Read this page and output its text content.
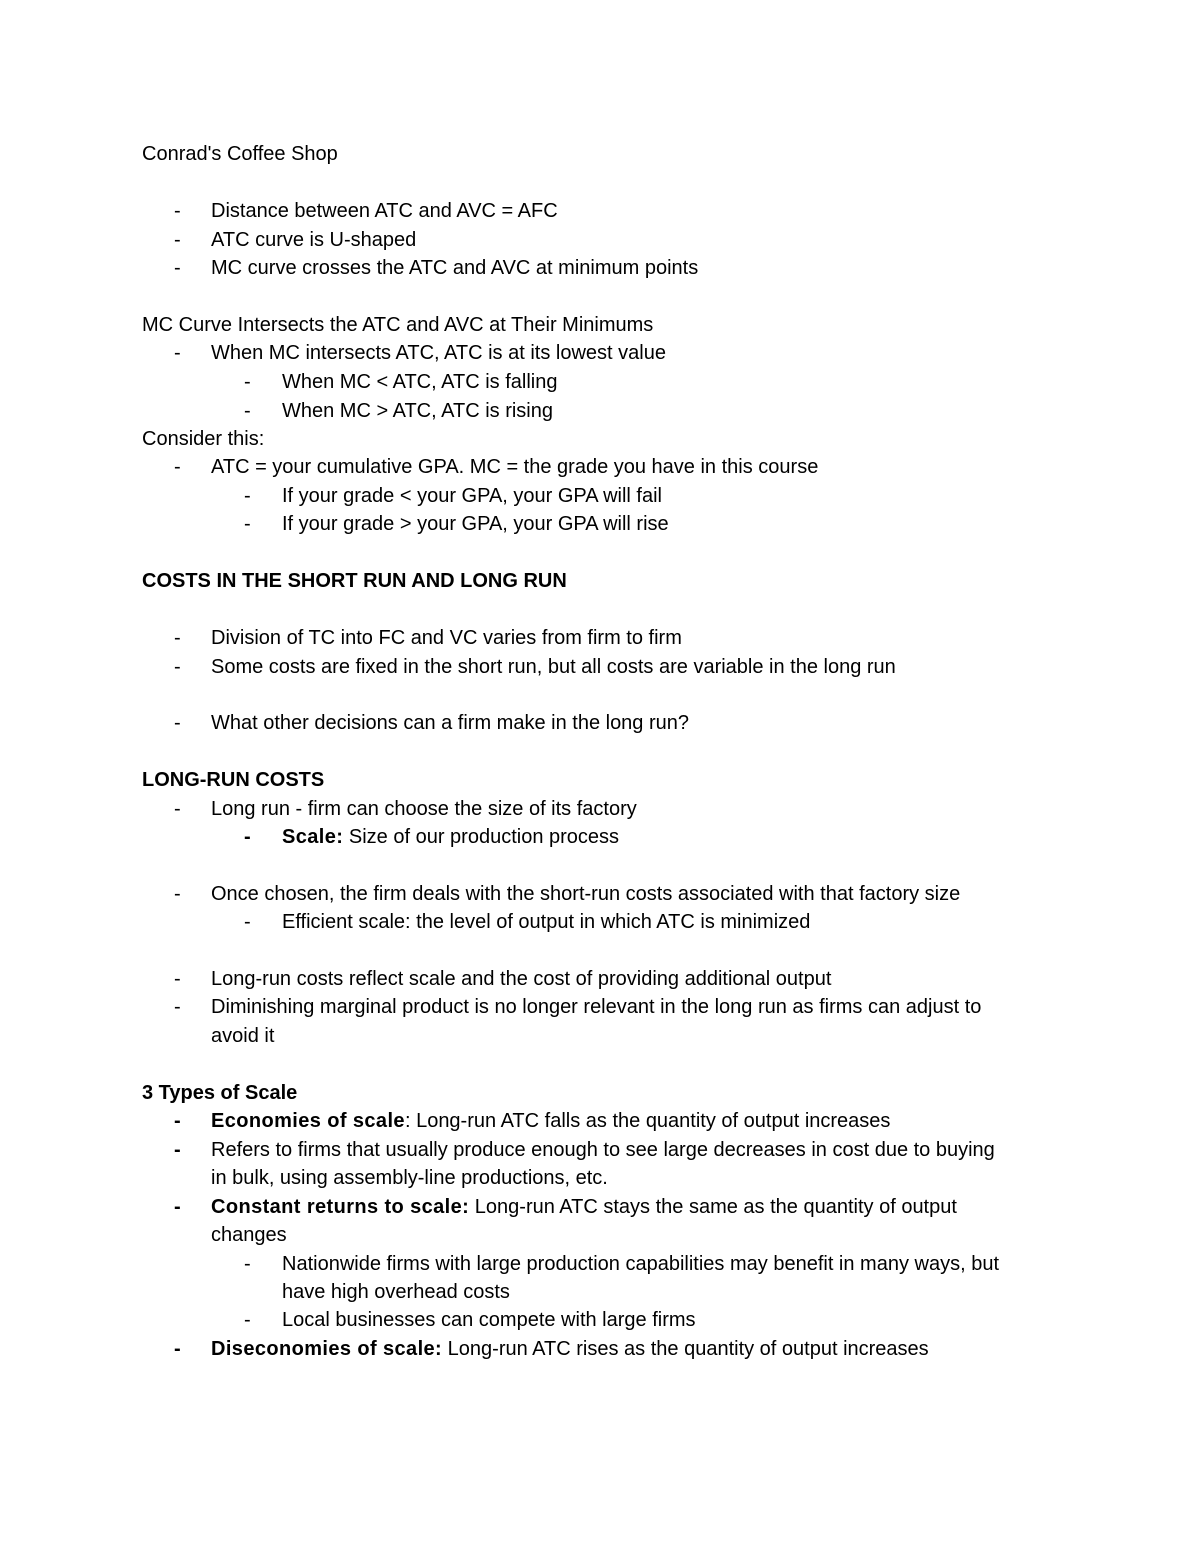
Conrad's Coffee Shop
-	Distance between ATC and AVC = AFC
-	ATC curve is U-shaped
-	MC curve crosses the ATC and AVC at minimum points
MC Curve Intersects the ATC and AVC at Their Minimums
-	When MC intersects ATC, ATC is at its lowest value
-	When MC < ATC, ATC is falling
-	When MC > ATC, ATC is rising
Consider this:
-	ATC = your cumulative GPA. MC = the grade you have in this course
-	If your grade < your GPA, your GPA will fail
-	If your grade > your GPA, your GPA will rise
COSTS IN THE SHORT RUN AND LONG RUN
-	Division of TC into FC and VC varies from firm to firm
-	Some costs are fixed in the short run, but all costs are variable in the long run
-	What other decisions can a firm make in the long run?
LONG-RUN COSTS
-	Long run - firm can choose the size of its factory
-	Scale: Size of our production process
-	Once chosen, the firm deals with the short-run costs associated with that factory size
-	Efficient scale: the level of output in which ATC is minimized
-	Long-run costs reflect scale and the cost of providing additional output
-	Diminishing marginal product is no longer relevant in the long run as firms can adjust to
avoid it
3 Types of Scale
-	Economies of scale: Long-run ATC falls as the quantity of output increases
-	Refers to firms that usually produce enough to see large decreases in cost due to buying
in bulk, using assembly-line productions, etc.
-	Constant returns to scale: Long-run ATC stays the same as the quantity of output
changes
-	Nationwide firms with large production capabilities may benefit in many ways, but
have high overhead costs
-	Local businesses can compete with large firms
-	Diseconomies of scale: Long-run ATC rises as the quantity of output increases
